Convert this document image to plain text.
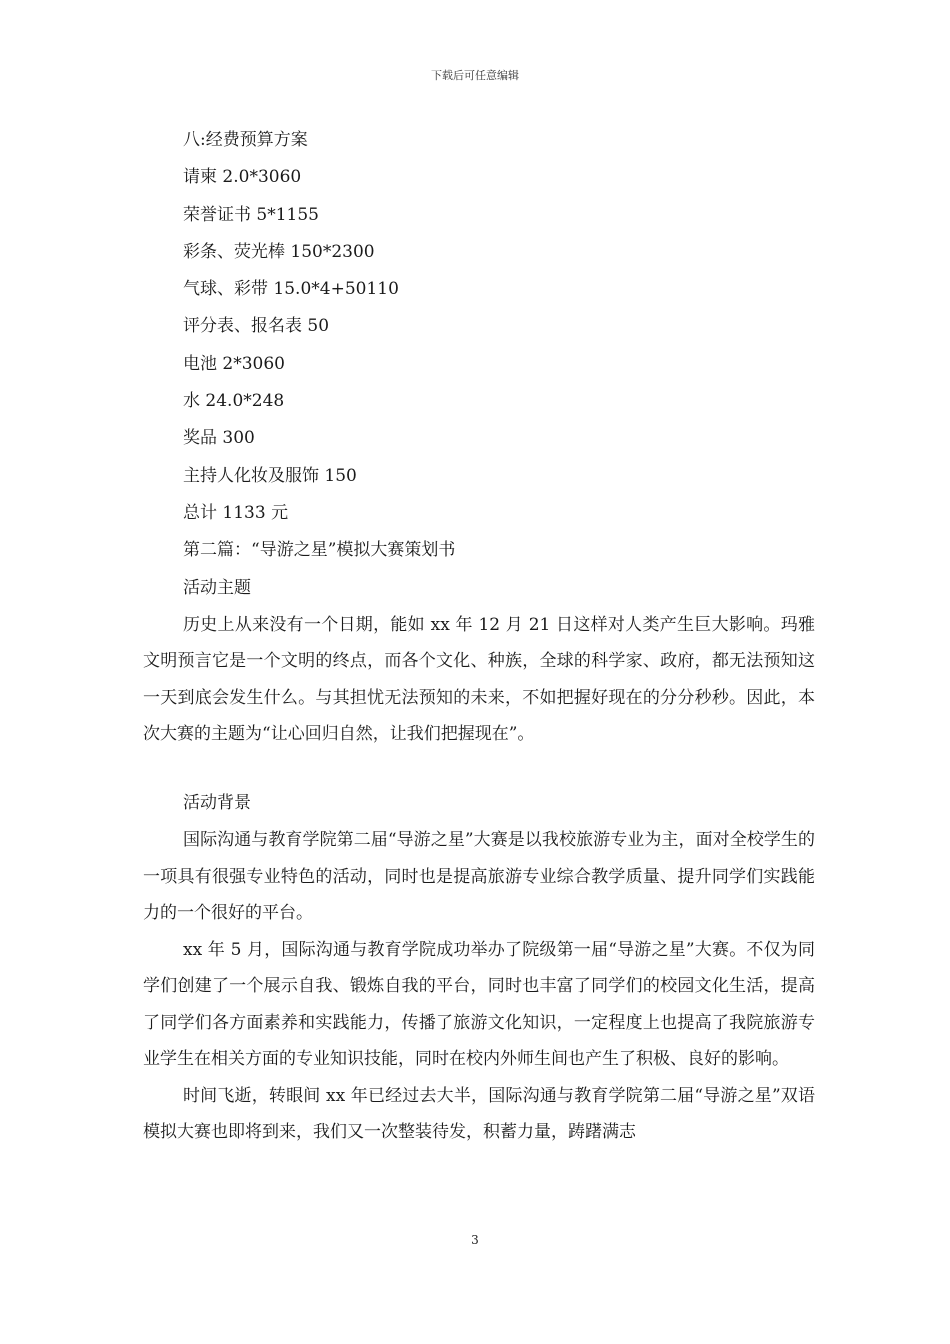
下载后可任意编辑
八:经费预算方案
请柬 2.0*3060
荣誉证书 5*1155
彩条、荧光棒 150*2300
气球、彩带 15.0*4+50110
评分表、报名表 50
电池 2*3060
水 24.0*248
奖品 300
主持人化妆及服饰 150
总计 1133 元
第二篇：“导游之星”模拟大赛策划书
活动主题

历史上从来没有一个日期，能如 xx 年 12 月 21 日这样对人类产生巨大影响。玛雅文明预言它是一个文明的终点，而各个文化、种族，全球的科学家、政府，都无法预知这一天到底会发生什么。与其担忧无法预知的未来，不如把握好现在的分分秒秒。因此，本次大赛的主题为“让心回归自然，让我们把握现在”。

活动背景

国际沟通与教育学院第二届“导游之星”大赛是以我校旅游专业为主，面对全校学生的一项具有很强专业特色的活动，同时也是提高旅游专业综合教学质量、提升同学们实践能力的一个很好的平台。

xx 年 5 月，国际沟通与教育学院成功举办了院级第一届“导游之星”大赛。不仅为同学们创建了一个展示自我、锻炼自我的平台，同时也丰富了同学们的校园文化生活，提高了同学们各方面素养和实践能力，传播了旅游文化知识，一定程度上也提高了我院旅游专业学生在相关方面的专业知识技能，同时在校内外师生间也产生了积极、良好的影响。

时间飞逝，转眼间 xx 年已经过去大半，国际沟通与教育学院第二届“导游之星”双语模拟大赛也即将到来，我们又一次整装待发，积蓄力量，踌躇满志

3
